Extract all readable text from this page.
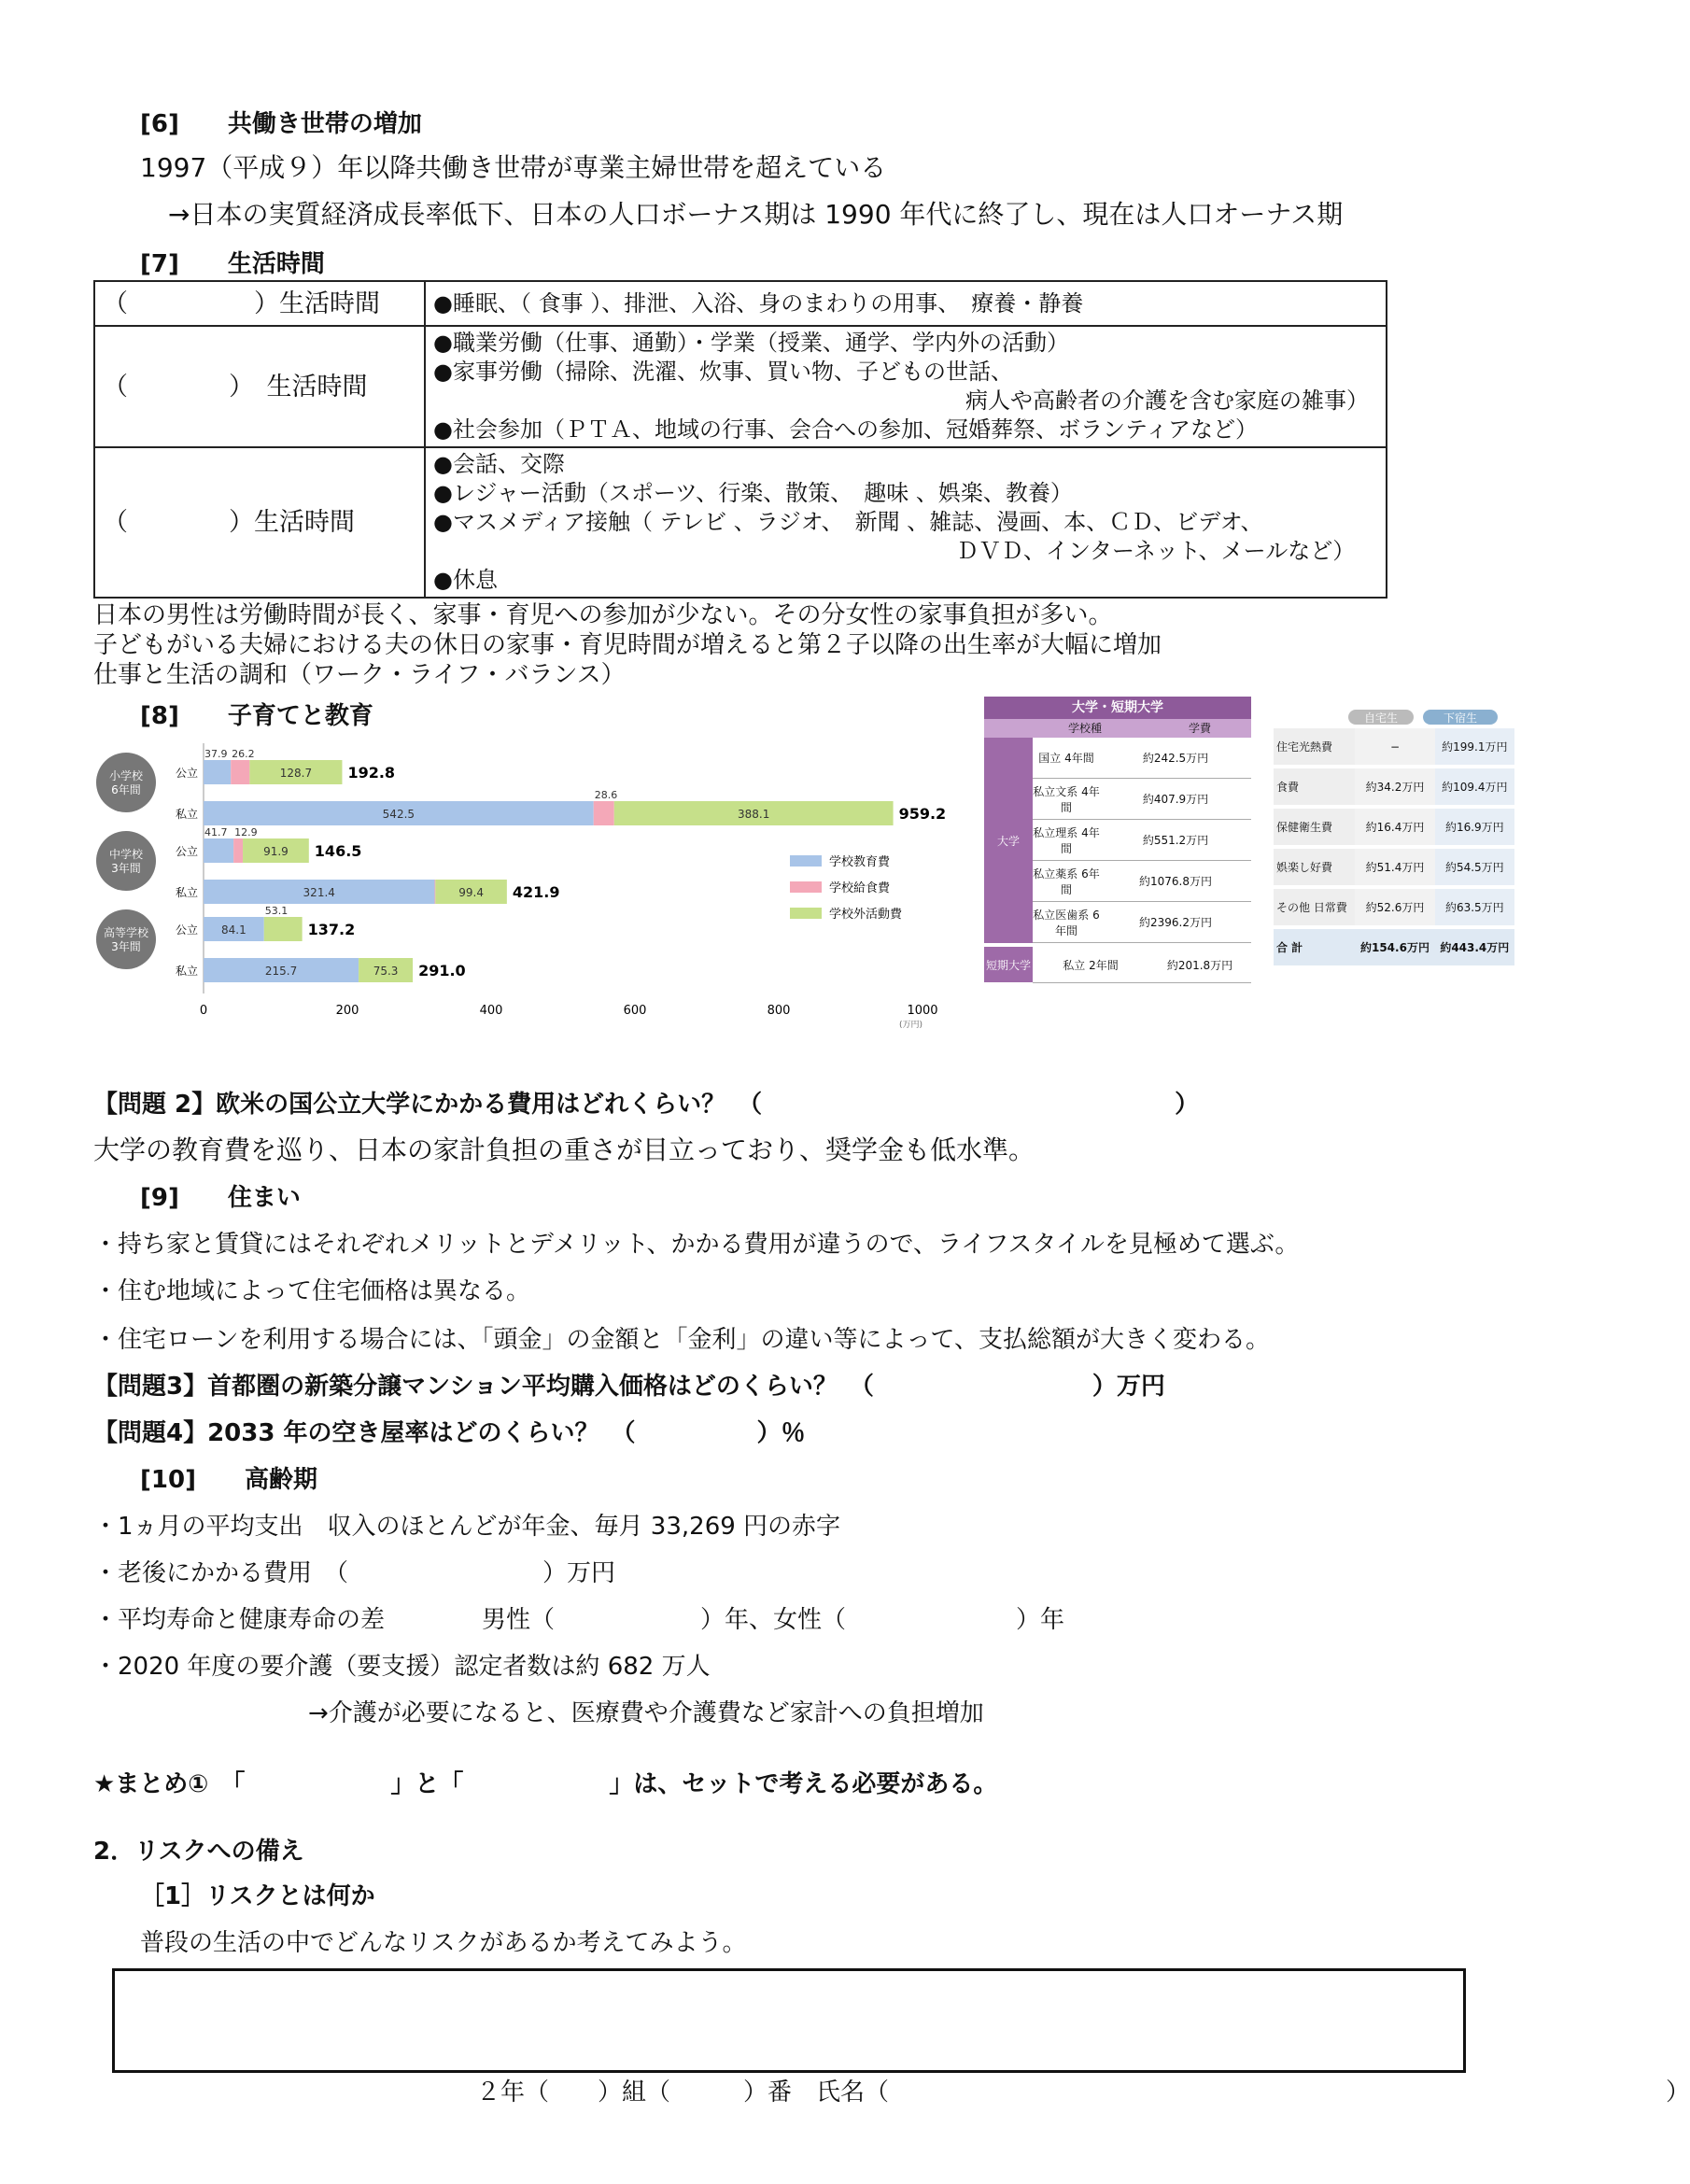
[6]　　共働き世帯の増加
1997（平成９）年以降共働き世帯が専業主婦世帯を超えている
→日本の実質経済成長率低下、日本の人口ボーナス期は 1990 年代に終了し、現在は人口オーナス期
[7]　　生活時間
（　　　　　）生活時間	●睡眠、（ 食事 ）、排泄、入浴、身のまわりの用事、　療養・静養

（　　　　）　生活時間	●職業労働（仕事、通勤）・学業（授業、通学、学内外の活動）
●家事労働（掃除、洗濯、炊事、買い物、子どもの世話、
病人や高齢者の介護を含む家庭の雑事）
●社会参加（ＰＴＡ、地域の行事、会合への参加、冠婚葬祭、ボランティアなど）

（　　　　）生活時間	●会話、交際
●レジャー活動（スポーツ、行楽、散策、　趣味 、娯楽、教養）
●マスメディア接触（ テレビ 、ラジオ、　新聞 、雑誌、漫画、本、ＣＤ、ビデオ、
ＤＶＤ、インターネット、メールなど）
●休息
日本の男性は労働時間が長く、家事・育児への参加が少ない。その分女性の家事負担が多い。
子どもがいる夫婦における夫の休日の家事・育児時間が増えると第２子以降の出生率が大幅に増加
仕事と生活の調和（ワーク・ライフ・バランス）
[8]　　子育てと教育
小学校 6年間
公立
37.9 26.2
128.7 192.8
私立	542.5
28.6
388.1	959.2
中学校 3年間
公立
41.7 12.9
91.9 146.5
私立	321.4	99.4 421.9
高等学校 3年間
公立 84.1
53.1
137.2
私立	215.7	75.3 291.0
0	200	400	600	800	1000
(万円)
学校教育費
学校給食費
学校外活動費
大学・短期大学
学校種	学費
大学
国立 4年間	約242.5万円
私立文系 4年間
約407.9万円
私立理系 4年間
約551.2万円
私立薬系 6年間
約1076.8万円
私立医歯系 6年間
約2396.2万円
短期大学	私立 2年間	約201.8万円
自宅生	下宿生
住宅光熱費	−	約199.1万円
食費	約34.2万円	約109.4万円
保健衛生費	約16.4万円	約16.9万円
娯楽し好費	約51.4万円	約54.5万円
その他 日常費	約52.6万円	約63.5万円
合 計	約154.6万円	約443.4万円
【問題 2】欧米の国公立大学にかかる費用はどれくらい？　（　　　　　　　　　　　　　　　　　）
大学の教育費を巡り、日本の家計負担の重さが目立っており、奨学金も低水準。
[9]　　住まい
・持ち家と賃貸にはそれぞれメリットとデメリット、かかる費用が違うので、ライフスタイルを見極めて選ぶ。
・住む地域によって住宅価格は異なる。
・住宅ローンを利用する場合には、「頭金」の金額と「金利」の違い等によって、支払総額が大きく変わる。
【問題3】首都圏の新築分譲マンション平均購入価格はどのくらい？　（　　　　　　　　　）万円
【問題4】2033 年の空き屋率はどのくらい？　（　　　　　）％
[10]　　高齢期
・1ヵ月の平均支出　収入のほとんどが年金、毎月 33,269 円の赤字
・老後にかかる費用　（　　　　　　　　）万円
・平均寿命と健康寿命の差　　　　男性（　　　　　　）年、女性（　　　　　　　）年
・2020 年度の要介護（要支援）認定者数は約 682 万人
→介護が必要になると、医療費や介護費など家計への負担増加
★まとめ①　「　　　　　　」と「　　　　　　」は、セットで考える必要がある。
2．リスクへの備え
［1］リスクとは何か
普段の生活の中でどんなリスクがあるか考えてみよう。
２年（　　）組（　　　）番　氏名（　　　　　　　　　　　　　　　　　　　　　　　　　　　　　　　　）
